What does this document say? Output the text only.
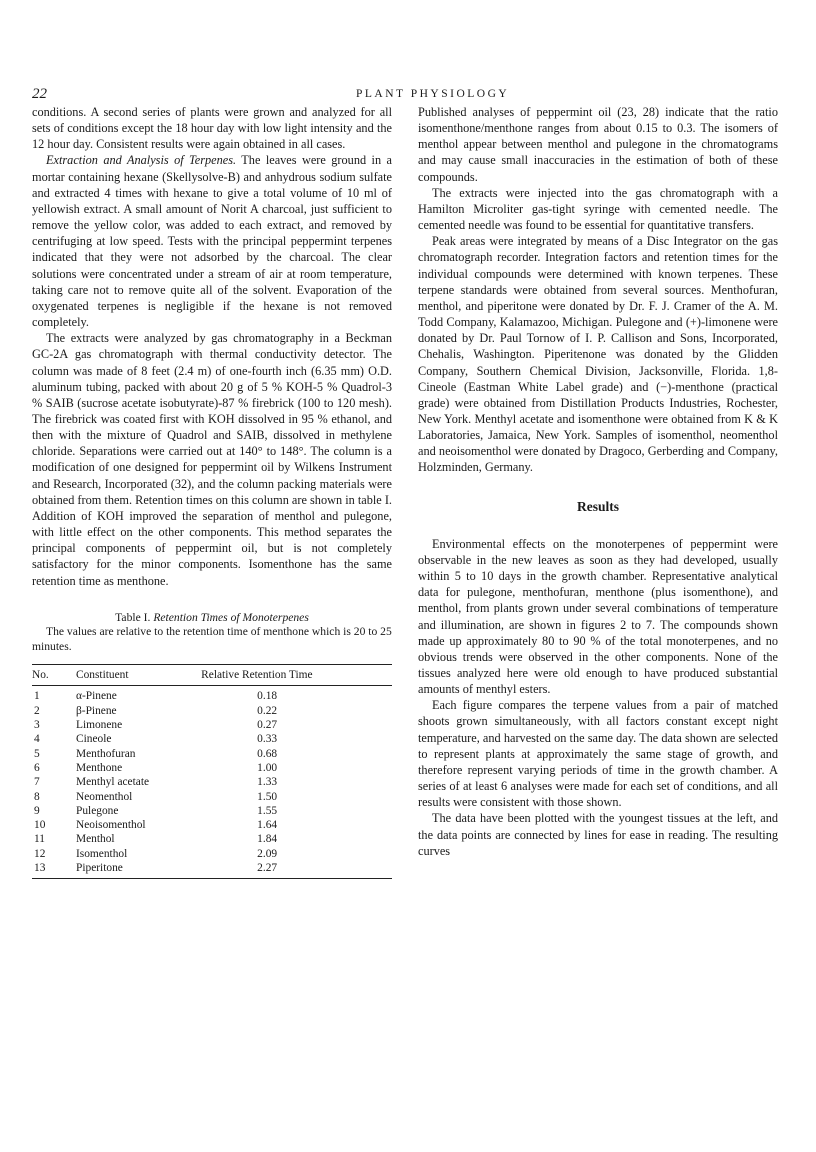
22	PLANT PHYSIOLOGY

conditions. A second series of plants were grown and analyzed for all sets of conditions except the 18 hour day with low light intensity and the 12 hour day. Consistent results were again obtained in all cases.

Extraction and Analysis of Terpenes. The leaves were ground in a mortar containing hexane (Skellysolve-B) and anhydrous sodium sulfate and extracted 4 times with hexane to give a total volume of 10 ml of yellowish extract. A small amount of Norit A charcoal, just sufficient to remove the yellow color, was added to each extract, and removed by centrifuging at low speed. Tests with the principal peppermint terpenes indicated that they were not adsorbed by the charcoal. The clear solutions were concentrated under a stream of air at room temperature, taking care not to remove quite all of the solvent. Evaporation of the oxygenated terpenes is negligible if the hexane is not removed completely.

The extracts were analyzed by gas chromatography in a Beckman GC-2A gas chromatograph with thermal conductivity detector. The column was made of 8 feet (2.4 m) of one-fourth inch (6.35 mm) O.D. aluminum tubing, packed with about 20 g of 5 % KOH-5 % Quadrol-3 % SAIB (sucrose acetate isobutyrate)-87 % firebrick (100 to 120 mesh). The firebrick was coated first with KOH dissolved in 95 % ethanol, and then with the mixture of Quadrol and SAIB, dissolved in methylene chloride. Separations were carried out at 140° to 148°. The column is a modification of one designed for peppermint oil by Wilkens Instrument and Research, Incorporated (32), and the column packing materials were obtained from them. Retention times on this column are shown in table I. Addition of KOH improved the separation of menthol and pulegone, with little effect on the other components. This method separates the principal components of peppermint oil, but is not completely satisfactory for the minor components. Isomenthone has the same retention time as menthone.

Table I. Retention Times of Monoterpenes
The values are relative to the retention time of menthone which is 20 to 25 minutes.
No.	Constituent	Relative Retention Time
1	α-Pinene	0.18
2	β-Pinene	0.22
3	Limonene	0.27
4	Cineole	0.33
5	Menthofuran	0.68
6	Menthone	1.00
7	Menthyl acetate	1.33
8	Neomenthol	1.50
9	Pulegone	1.55
10	Neoisomenthol	1.64
11	Menthol	1.84
12	Isomenthol	2.09
13	Piperitone	2.27

Published analyses of peppermint oil (23, 28) indicate that the ratio isomenthone/menthone ranges from about 0.15 to 0.3. The isomers of menthol appear between menthol and pulegone in the chromatograms and may cause small inaccuracies in the estimation of both of these compounds.

The extracts were injected into the gas chromatograph with a Hamilton Microliter gas-tight syringe with cemented needle. The cemented needle was found to be essential for quantitative transfers.

Peak areas were integrated by means of a Disc Integrator on the gas chromatograph recorder. Integration factors and retention times for the individual compounds were determined with known terpenes. These terpene standards were obtained from several sources. Menthofuran, menthol, and piperitone were donated by Dr. F. J. Cramer of the A. M. Todd Company, Kalamazoo, Michigan. Pulegone and (+)-limonene were donated by Dr. Paul Tornow of I. P. Callison and Sons, Incorporated, Chehalis, Washington. Piperitenone was donated by the Glidden Company, Southern Chemical Division, Jacksonville, Florida. 1,8-Cineole (Eastman White Label grade) and (−)-menthone (practical grade) were obtained from Distillation Products Industries, Rochester, New York. Menthyl acetate and isomenthone were obtained from K & K Laboratories, Jamaica, New York. Samples of isomenthol, neomenthol and neoisomenthol were donated by Dragoco, Gerberding and Company, Holzminden, Germany.

Results

Environmental effects on the monoterpenes of peppermint were observable in the new leaves as soon as they had developed, usually within 5 to 10 days in the growth chamber. Representative analytical data for pulegone, menthofuran, menthone (plus isomenthone), and menthol, from plants grown under several combinations of temperature and illumination, are shown in figures 2 to 7. The compounds shown made up approximately 80 to 90 % of the total monoterpenes, and no obvious trends were observed in the other components. None of the tissues analyzed here were old enough to have produced substantial amounts of menthyl esters.

Each figure compares the terpene values from a pair of matched shoots grown simultaneously, with all factors constant except night temperature, and harvested on the same day. The data shown are selected to represent plants at approximately the same stage of growth, and therefore represent varying periods of time in the growth chamber. A series of at least 6 analyses were made for each set of conditions, and all results were consistent with those shown.

The data have been plotted with the youngest tissues at the left, and the data points are connected by lines for ease in reading. The resulting curves
